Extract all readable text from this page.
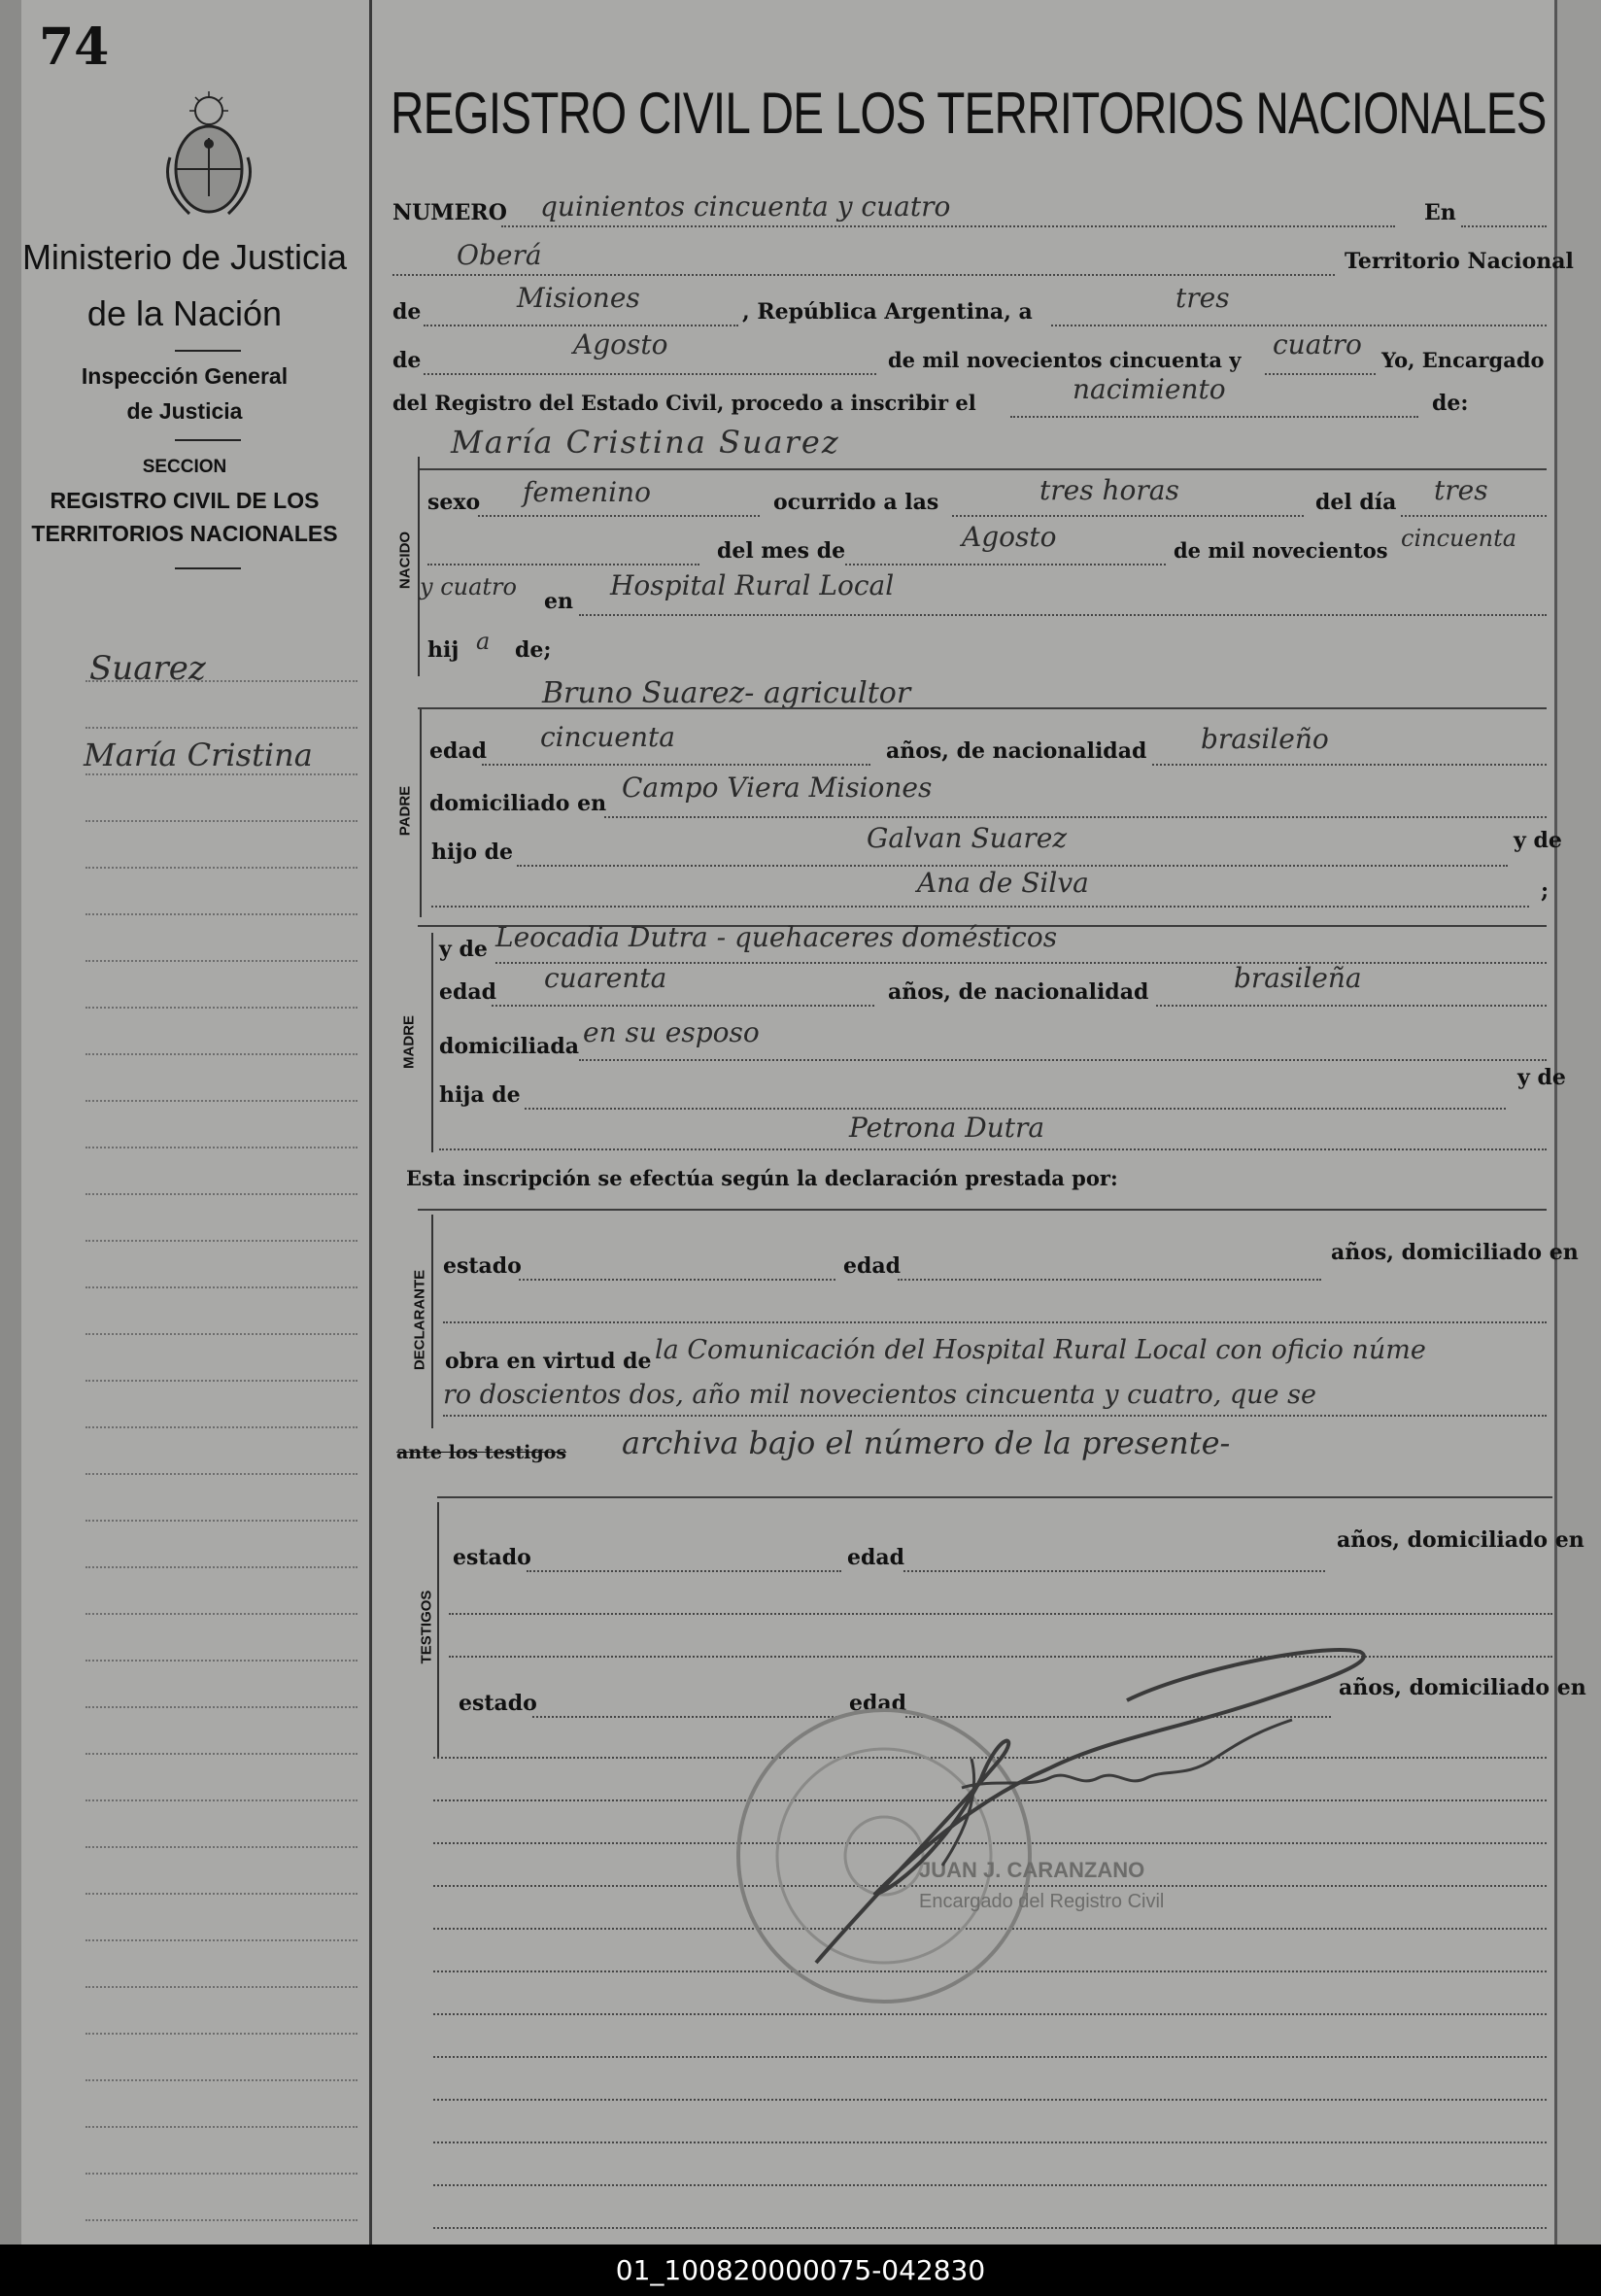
74
Ministerio de Justicia
de la Nación
Inspección General
de Justicia
SECCION
REGISTRO CIVIL DE LOS
TERRITORIOS NACIONALES
Suarez
María Cristina
REGISTRO CIVIL DE LOS TERRITORIOS NACIONALES
NUMERO quinientos cincuenta y cuatro	En
Oberá	Territorio Nacional
de	Misiones	, República Argentina, a	tres
de	Agosto	de mil novecientos cincuenta y cuatro Yo, Encargado
del Registro del Estado Civil, procedo a inscribir el	nacimiento	de:
María Cristina Suarez
NACIDO
sexo femenino	ocurrido a las	tres horas	del día tres
del mes de	Agosto	de mil novecientos cincuenta
y cuatro
en Hospital Rural Local
hij a de;
Bruno Suarez- agricultor
PADRE
edad cincuenta	años, de nacionalidad brasileño
domiciliado en Campo Viera Misiones
hijo de	Galvan Suarez	y de
Ana de Silva	;
MADRE
y de Leocadia Dutra - quehaceres domésticos
edad cuarenta	años, de nacionalidad	brasileña
domiciliada en su esposo
hija de
y de
Petrona Dutra
Esta inscripción se efectúa según la declaración prestada por:
DECLARANTE
estado	edad
años, domiciliado en
obra en virtud de la Comunicación del Hospital Rural Local con oficio núme
ro doscientos dos, año mil novecientos cincuenta y cuatro, que se
ante los testigos archiva bajo el número de la presente-
TESTIGOS
estado	edad
años, domiciliado en
estado	edad
años, domiciliado en
JUAN J. CARANZANO
Encargado del Registro Civil
01_100820000075-042830
